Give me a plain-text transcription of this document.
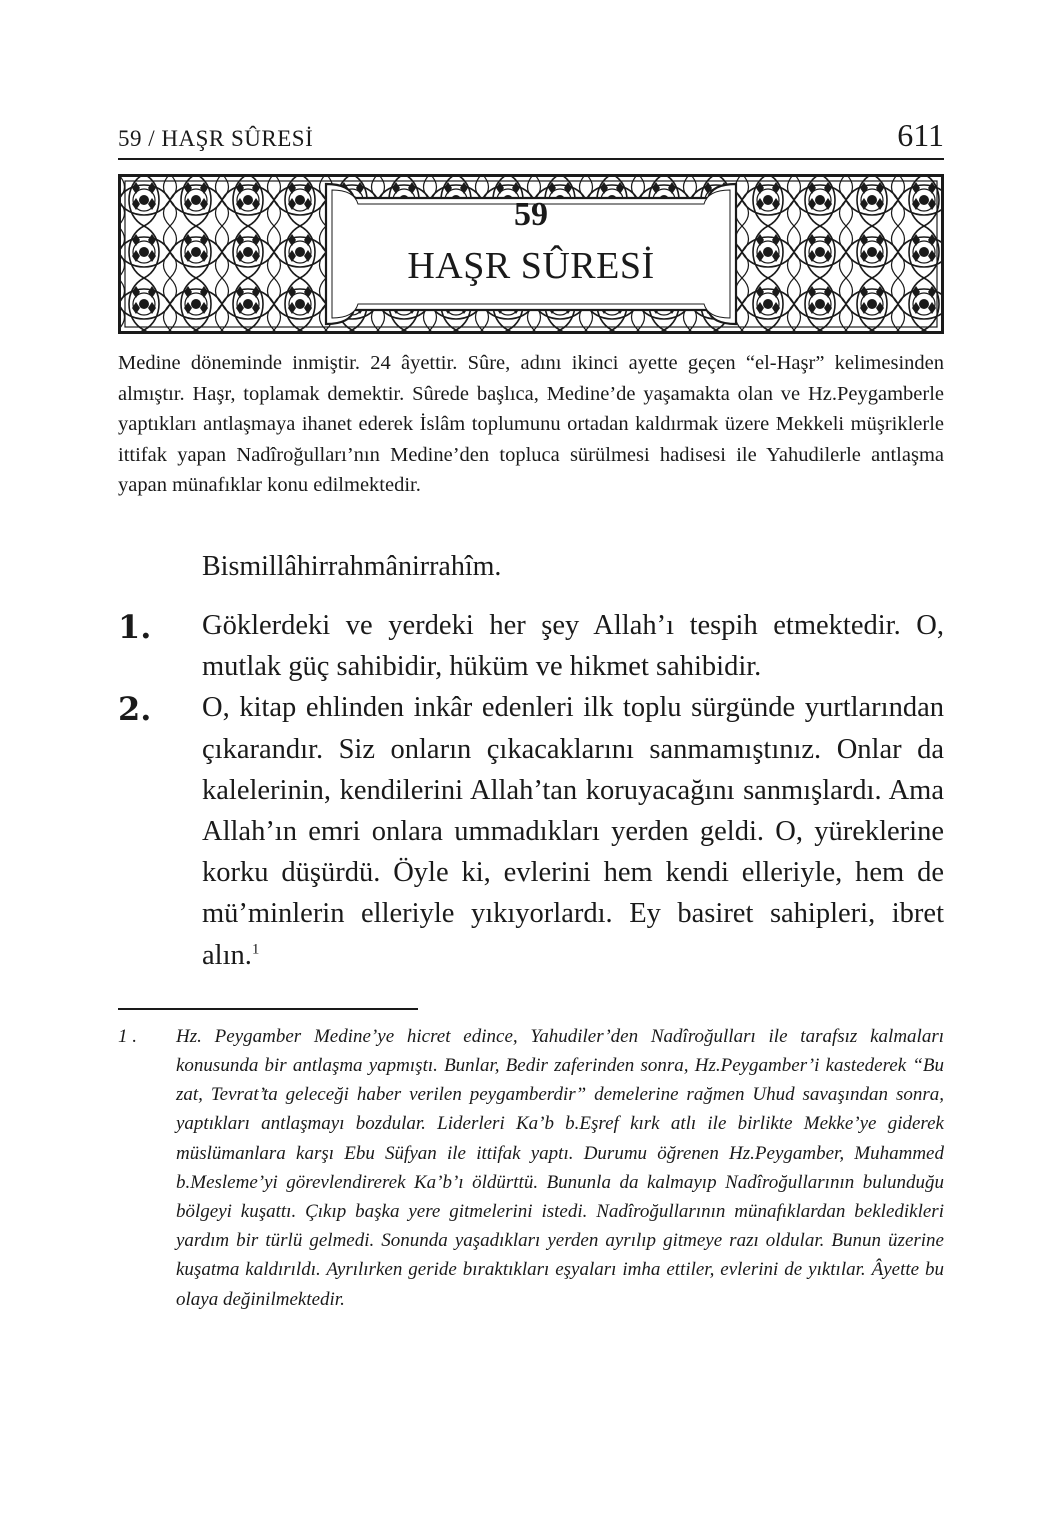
59 / HAŞR SÛRESİ	611
59
HAŞR SÛRESİ

Medine döneminde inmiştir. 24 âyettir. Sûre, adını ikinci ayette geçen “el-Haşr” kelimesinden almıştır. Haşr, toplamak demektir. Sûrede başlıca, Medine’de yaşamakta olan ve Hz.Peygamberle yaptıkları antlaşmaya ihanet ederek İslâm toplumunu ortadan kaldırmak üzere Mekkeli müşriklerle ittifak yapan Nadîroğulları’nın Medine’den topluca sürülmesi hadisesi ile Yahudilerle antlaşma yapan münafıklar konu edilmektedir.

Bismillâhirrahmânirrahîm.
1.	Göklerdeki ve yerdeki her şey Allah’ı tespih etmektedir. O, mutlak güç sahibidir, hüküm ve hikmet sahibidir.
2.	O, kitap ehlinden inkâr edenleri ilk toplu sürgünde yurtlarından çıkarandır. Siz onların çıkacaklarını sanmamıştınız. Onlar da kalelerinin, kendilerini Allah’tan koruyacağını sanmışlardı. Ama Allah’ın emri onlara ummadıkları yerden geldi. O, yüreklerine korku düşürdü. Öyle ki, evlerini hem kendi elleriyle, hem de mü’minlerin elleriyle yıkıyorlardı. Ey basiret sahipleri, ibret alın.$^1$
1 .	Hz. Peygamber Medine’ye hicret edince, Yahudiler’den Nadîroğulları ile tarafsız kalmaları konusunda bir antlaşma yapmıştı. Bunlar, Bedir zaferinden sonra, Hz.Peygamber’i kastederek “Bu zat, Tevrat’ta geleceği haber verilen peygamberdir” demelerine rağmen Uhud savaşından sonra, yaptıkları antlaşmayı bozdular. Liderleri Ka’b b.Eşref kırk atlı ile birlikte Mekke’ye giderek müslümanlara karşı Ebu Süfyan ile ittifak yaptı. Durumu öğrenen Hz.Peygamber, Muhammed b.Mesleme’yi görevlendirerek Ka’b’ı öldürttü. Bununla da kalmayıp Nadîroğullarının bulunduğu bölgeyi kuşattı. Çıkıp başka yere gitmelerini istedi. Nadîroğullarının münafıklardan bekledikleri yardım bir türlü gelmedi. Sonunda yaşadıkları yerden ayrılıp gitmeye razı oldular. Bunun üzerine kuşatma kaldırıldı. Ayrılırken geride bıraktıkları eşyaları imha ettiler, evlerini de yıktılar. Âyette bu olaya değinilmektedir.
